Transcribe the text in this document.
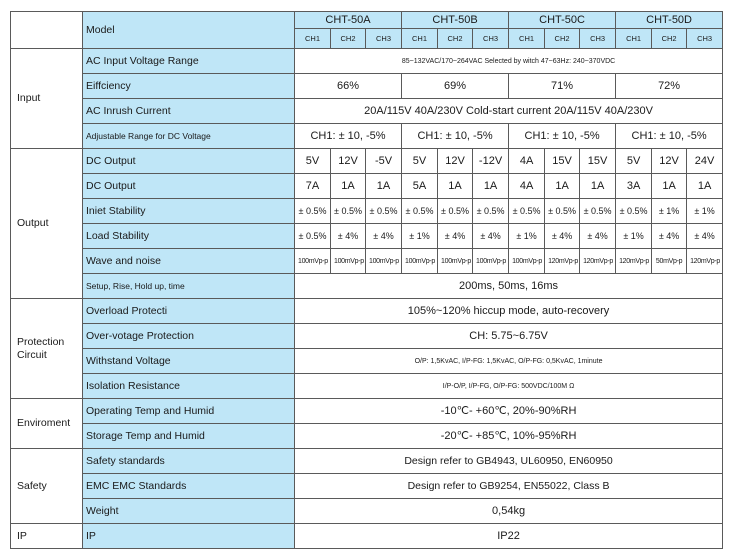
	Model	CHT-50A			CHT-50B			CHT-50C			CHT-50D		
		CH1	CH2	CH3	CH1	CH2	CH3	CH1	CH2	CH3	CH1	CH2	CH3
Input	AC Input Voltage Range	85~132VAC/170~264VAC Selected by witch 47~63Hz: 240~370VDC											
	Eiffciency	66%			69%			71%			72%		
	AC Inrush Current	20A/115V 40A/230V Cold-start current 20A/115V 40A/230V											
	Adjustable Range for DC Voltage	CH1: ± 10, -5%			CH1: ± 10, -5%			CH1: ± 10, -5%			CH1: ± 10, -5%		
Output	DC Output	5V	12V	-5V	5V	12V	-12V	4A	15V	15V	5V	12V	24V
	DC Output	7A	1A	1A	5A	1A	1A	4A	1A	1A	3A	1A	1A
	Iniet Stability	± 0.5%	± 0.5%	± 0.5%	± 0.5%	± 0.5%	± 0.5%	± 0.5%	± 0.5%	± 0.5%	± 0.5%	± 1%	± 1%
	Load Stability	± 0.5%	± 4%	± 4%	± 1%	± 4%	± 4%	± 1%	± 4%	± 4%	± 1%	± 4%	± 4%
	Wave and noise	100mVp-p	100mVp-p	100mVp-p	100mVp-p	100mVp-p	100mVp-p	100mVp-p	120mVp-p	120mVp-p	120mVp-p	50mVp-p	120mVp-p
	Setup, Rise, Hold up, time	200ms, 50ms, 16ms											
Protection
Circuit	Overload Protecti	105%~120% hiccup mode, auto-recovery											
	Over-votage Protection	CH: 5.75~6.75V											
	Withstand Voltage	O/P: 1,5KvAC, I/P-FG: 1,5KvAC, O/P-FG: 0,5KvAC, 1minute											
	Isolation Resistance	I/P-O/P, I/P-FG, O/P-FG: 500VDC/100M Ω											
Enviroment	Operating Temp and Humid	-10℃- +60℃, 20%-90%RH											
	Storage Temp and Humid	-20℃- +85℃, 10%-95%RH											
Safety	Safety standards	Design refer to GB4943, UL60950, EN60950											
	EMC EMC Standards	Design refer to GB9254, EN55022, Class B											
	Weight	0,54kg											
IP	IP	IP22											
